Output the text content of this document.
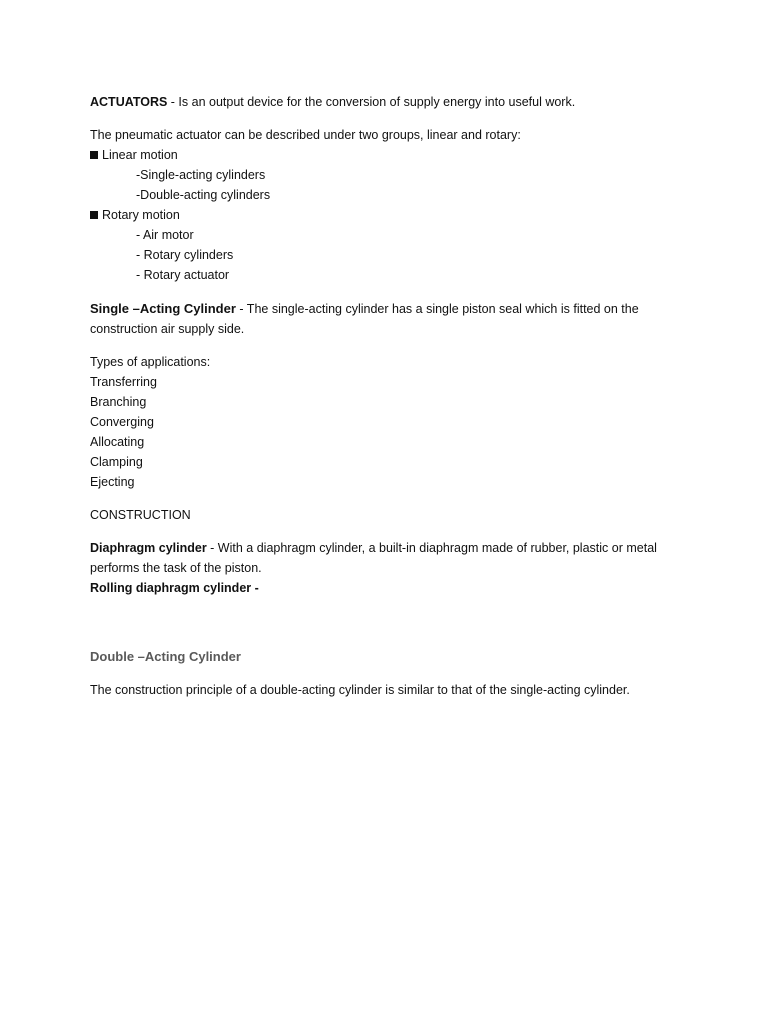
ACTUATORS - Is an output device for the conversion of supply energy into useful work.

The pneumatic actuator can be described under two groups, linear and rotary:

Linear motion
-Single-acting cylinders
-Double-acting cylinders
Rotary motion
- Air motor
- Rotary cylinders
- Rotary actuator

Single –Acting Cylinder - The single-acting cylinder has a single piston seal which is fitted on the construction air supply side.

Types of applications:
Transferring
Branching
Converging
Allocating
Clamping
Ejecting

CONSTRUCTION

Diaphragm cylinder - With a diaphragm cylinder, a built-in diaphragm made of rubber, plastic or metal performs the task of the piston.

Rolling diaphragm cylinder -

Double –Acting Cylinder

The construction principle of a double-acting cylinder is similar to that of the single-acting cylinder.
